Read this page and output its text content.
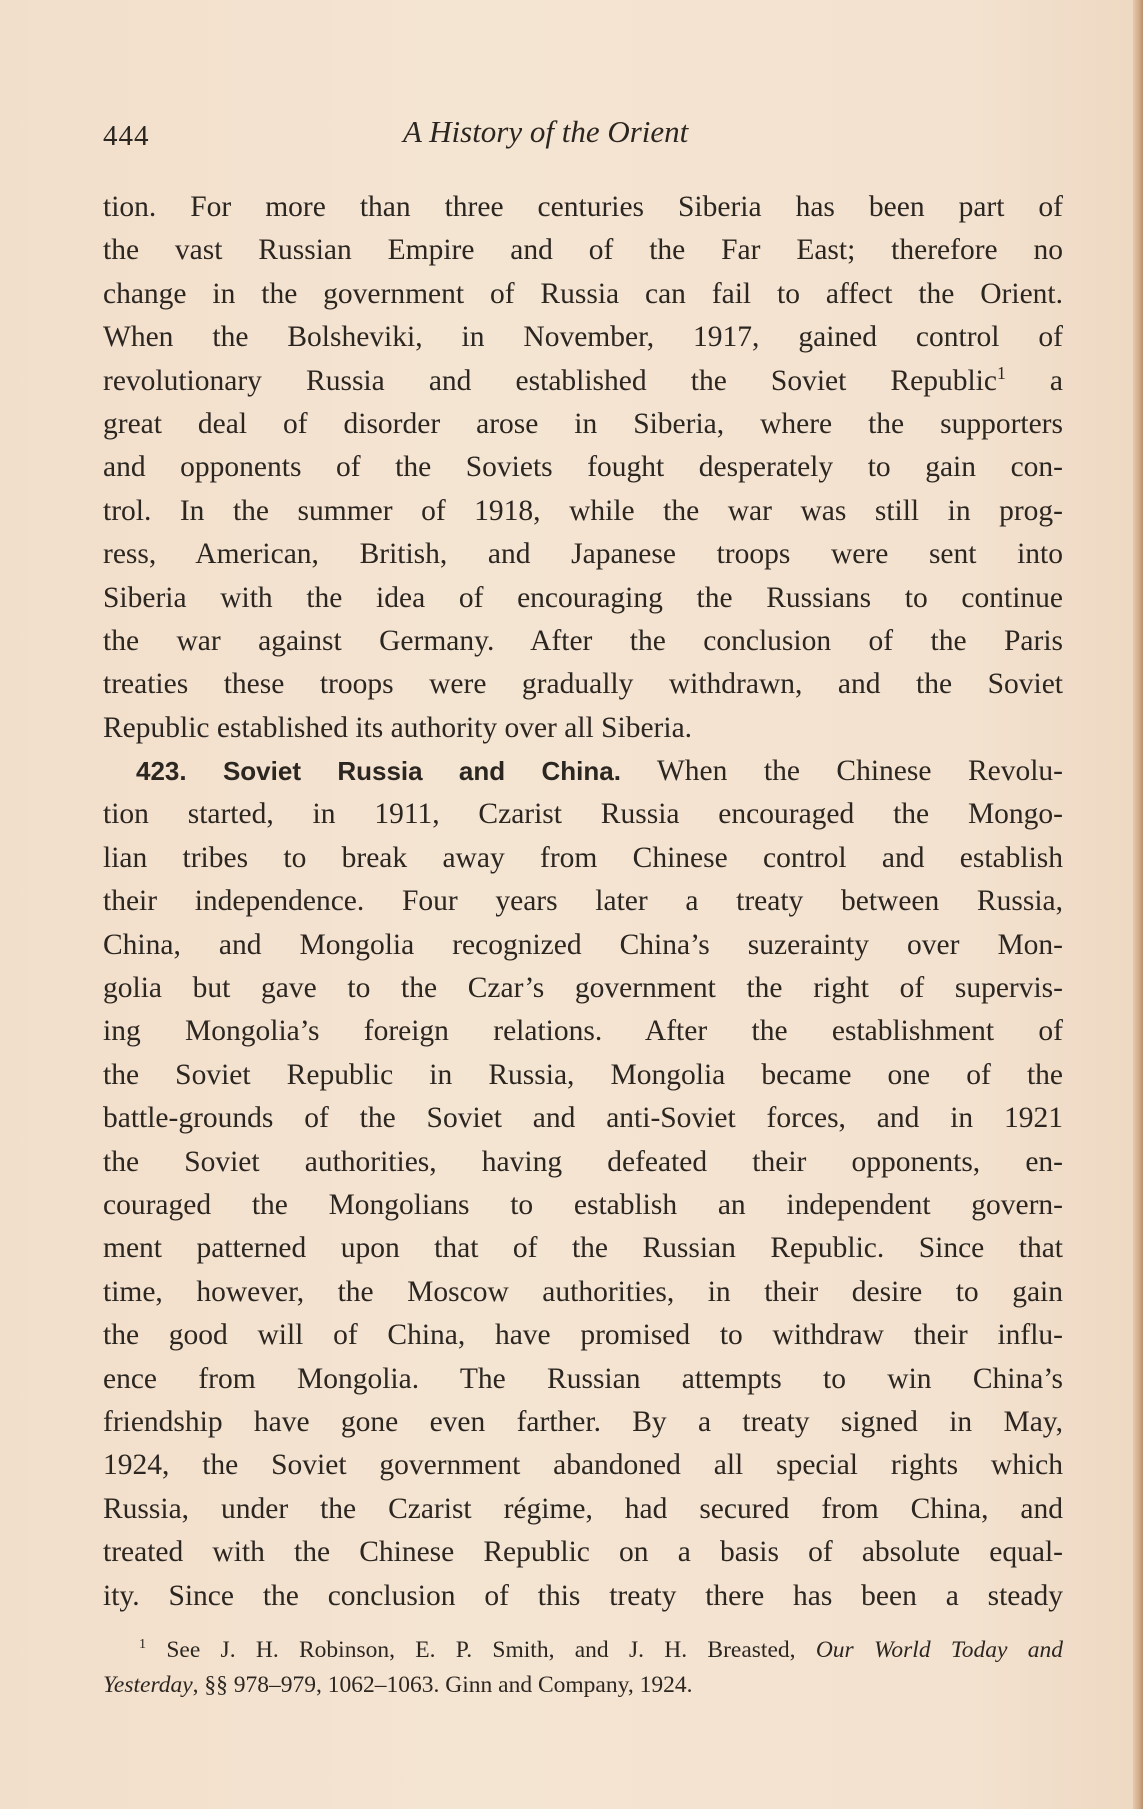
444	A History of the Orient
tion. For more than three centuries Siberia has been part of
the vast Russian Empire and of the Far East; therefore no
change in the government of Russia can fail to affect the Orient.
When the Bolsheviki, in November, 1917, gained control of
revolutionary Russia and established the Soviet Republic$^1$ a
great deal of disorder arose in Siberia, where the supporters
and opponents of the Soviets fought desperately to gain con-
trol. In the summer of 1918, while the war was still in prog-
ress, American, British, and Japanese troops were sent into
Siberia with the idea of encouraging the Russians to continue
the war against Germany. After the conclusion of the Paris
treaties these troops were gradually withdrawn, and the Soviet
Republic established its authority over all Siberia.
423. Soviet Russia and China. When the Chinese Revolu-
tion started, in 1911, Czarist Russia encouraged the Mongo-
lian tribes to break away from Chinese control and establish
their independence. Four years later a treaty between Russia,
China, and Mongolia recognized China’s suzerainty over Mon-
golia but gave to the Czar’s government the right of supervis-
ing Mongolia’s foreign relations. After the establishment of
the Soviet Republic in Russia, Mongolia became one of the
battle-grounds of the Soviet and anti-Soviet forces, and in 1921
the Soviet authorities, having defeated their opponents, en-
couraged the Mongolians to establish an independent govern-
ment patterned upon that of the Russian Republic. Since that
time, however, the Moscow authorities, in their desire to gain
the good will of China, have promised to withdraw their influ-
ence from Mongolia. The Russian attempts to win China’s
friendship have gone even farther. By a treaty signed in May,
1924, the Soviet government abandoned all special rights which
Russia, under the Czarist régime, had secured from China, and
treated with the Chinese Republic on a basis of absolute equal-
ity. Since the conclusion of this treaty there has been a steady
$^1$ See J. H. Robinson, E. P. Smith, and J. H. Breasted, Our World Today and
Yesterday, §§ 978–979, 1062–1063. Ginn and Company, 1924.
